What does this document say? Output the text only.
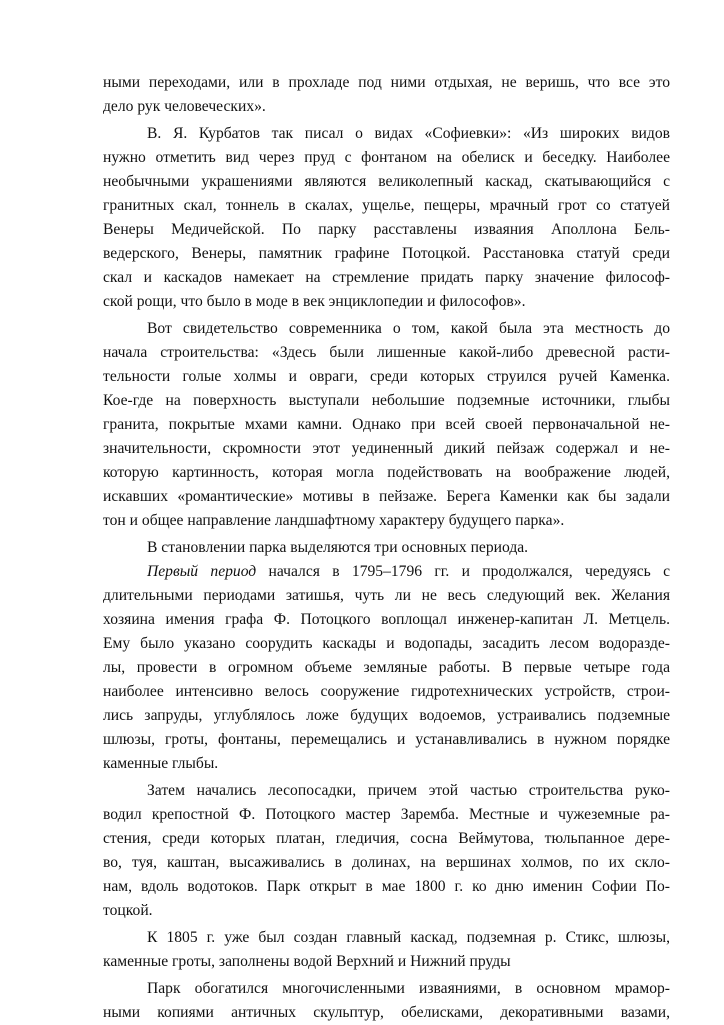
ными переходами, или в прохладе под ними отдыхая, не веришь, что все это

дело рук человеческих».

В. Я. Курбатов так писал о видах «Софиевки»: «Из широких видов

нужно отметить вид через пруд с фонтаном на обелиск и беседку. Наиболее

необычными украшениями являются великолепный каскад, скатывающийся с

гранитных скал, тоннель в скалах, ущелье, пещеры, мрачный грот со статуей

Венеры Медичейской. По парку расставлены изваяния Аполлона Бель-

ведерского, Венеры, памятник графине Потоцкой. Расстановка статуй среди

скал и каскадов намекает на стремление придать парку значение философ-

ской рощи, что было в моде в век энциклопедии и философов».

Вот свидетельство современника о том, какой была эта местность до

начала строительства: «Здесь были лишенные какой-либо древесной расти-

тельности голые холмы и овраги, среди которых струился ручей Каменка.

Кое-где на поверхность выступали небольшие подземные источники, глыбы

гранита, покрытые мхами камни. Однако при всей своей первоначальной не-

значительности, скромности этот уединенный дикий пейзаж содержал и не-

которую картинность, которая могла подействовать на воображение людей,

искавших «романтические» мотивы в пейзаже. Берега Каменки как бы задали

тон и общее направление ландшафтному характеру будущего парка».

В становлении парка выделяются три основных периода.

Первый период начался в 1795–1796 гг. и продолжался, чередуясь с

длительными периодами затишья, чуть ли не весь следующий век. Желания

хозяина имения графа Ф. Потоцкого воплощал инженер-капитан Л. Метцель.

Ему было указано соорудить каскады и водопады, засадить лесом водоразде-

лы, провести в огромном объеме земляные работы. В первые четыре года

наиболее интенсивно велось сооружение гидротехнических устройств, строи-

лись запруды, углублялось ложе будущих водоемов, устраивались подземные

шлюзы, гроты, фонтаны, перемещались и устанавливались в нужном порядке

каменные глыбы.

Затем начались лесопосадки, причем этой частью строительства руко-

водил крепостной Ф. Потоцкого мастер Заремба. Местные и чужеземные ра-

стения, среди которых платан, гледичия, сосна Веймутова, тюльпанное дере-

во, туя, каштан, высаживались в долинах, на вершинах холмов, по их скло-

нам, вдоль водотоков. Парк открыт в мае 1800 г. ко дню именин Софии По-

тоцкой.

К 1805 г. уже был создан главный каскад, подземная р. Стикс, шлюзы,

каменные гроты, заполнены водой Верхний и Нижний пруды

Парк обогатился многочисленными изваяниями, в основном мрамор-

ными копиями античных скульптур, обелисками, декоративными вазами,
